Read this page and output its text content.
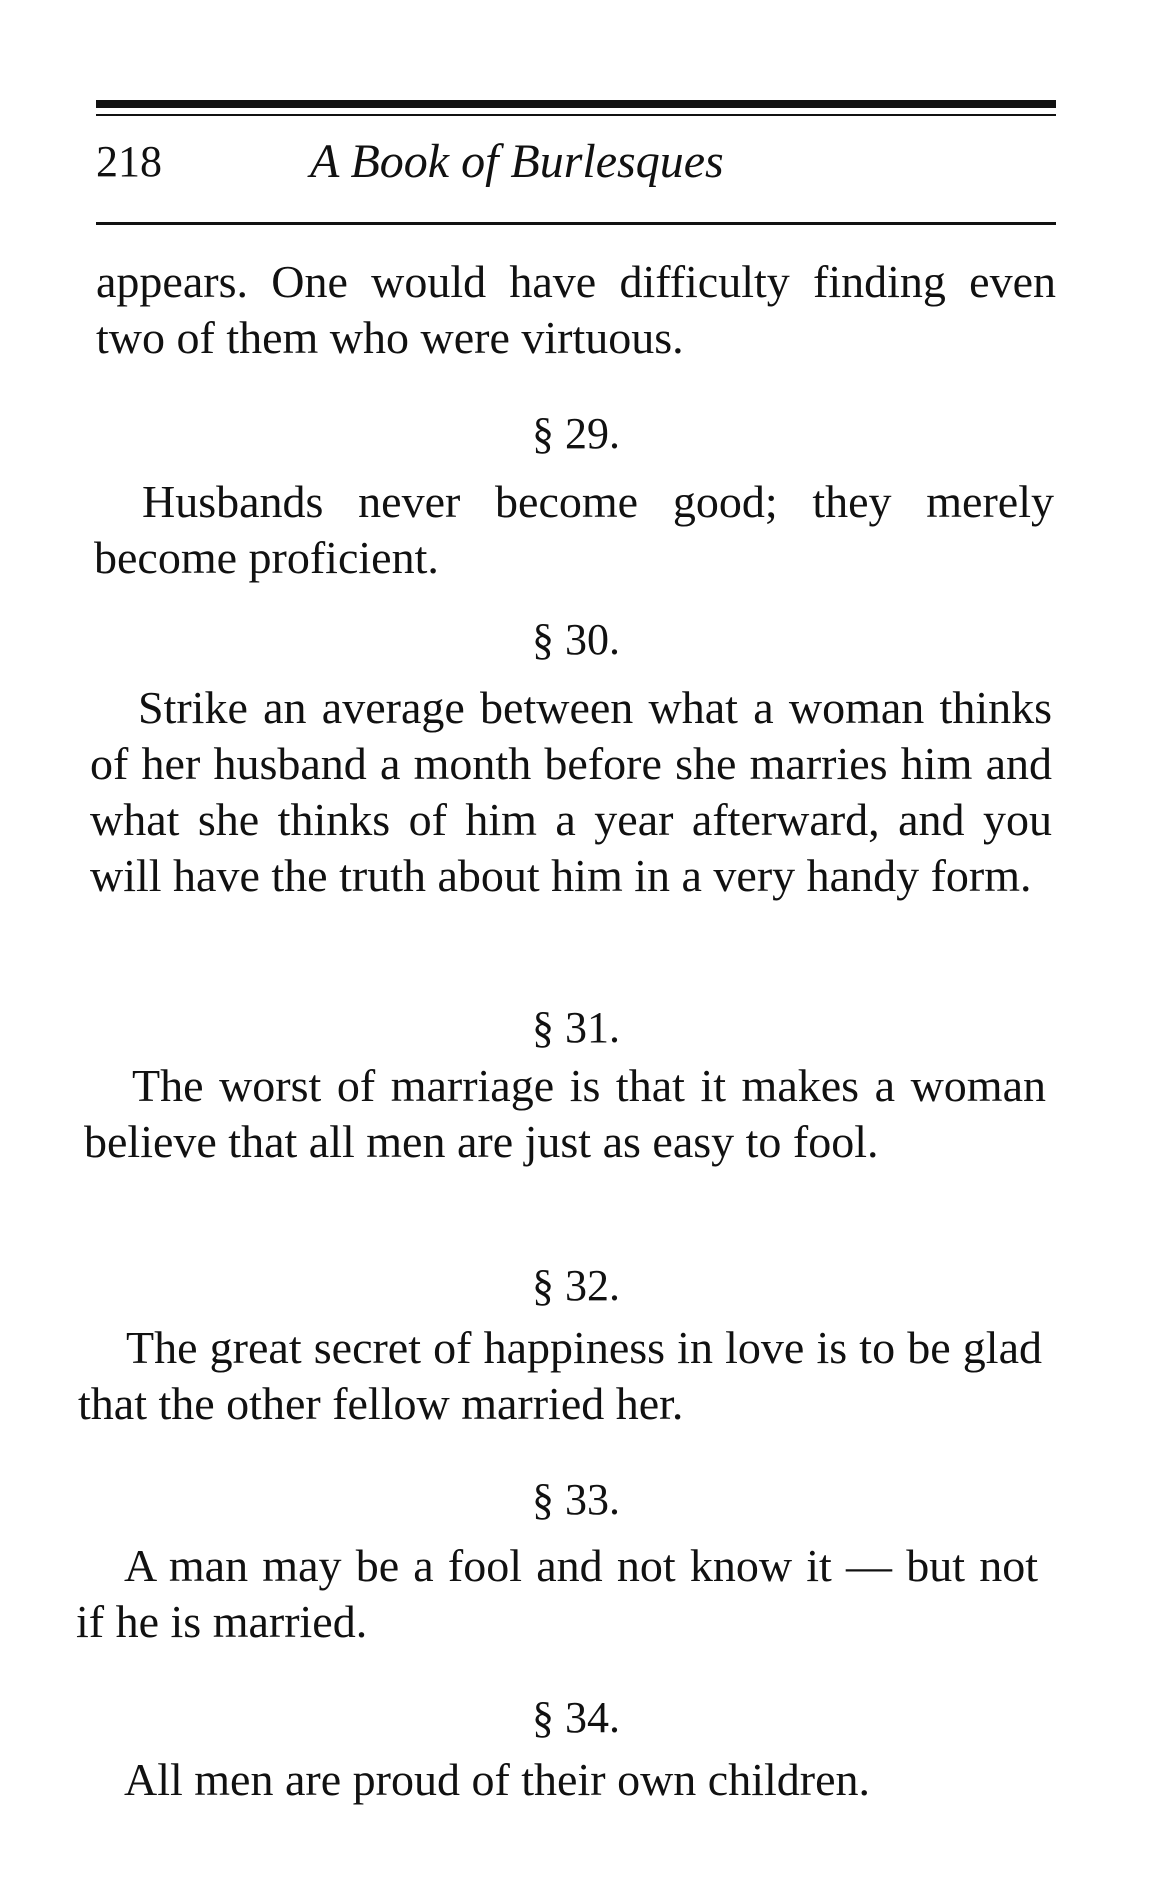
218	A Book of Burlesques

appears. One would have difficulty finding even two of them who were virtuous.

§ 29.

Husbands never become good; they merely become proficient.

§ 30.

Strike an average between what a woman thinks of her husband a month before she marries him and what she thinks of him a year afterward, and you will have the truth about him in a very handy form.

§ 31.

The worst of marriage is that it makes a woman believe that all men are just as easy to fool.

§ 32.

The great secret of happiness in love is to be glad that the other fellow married her.

§ 33.

A man may be a fool and not know it — but not if he is married.

§ 34.

All men are proud of their own children.
